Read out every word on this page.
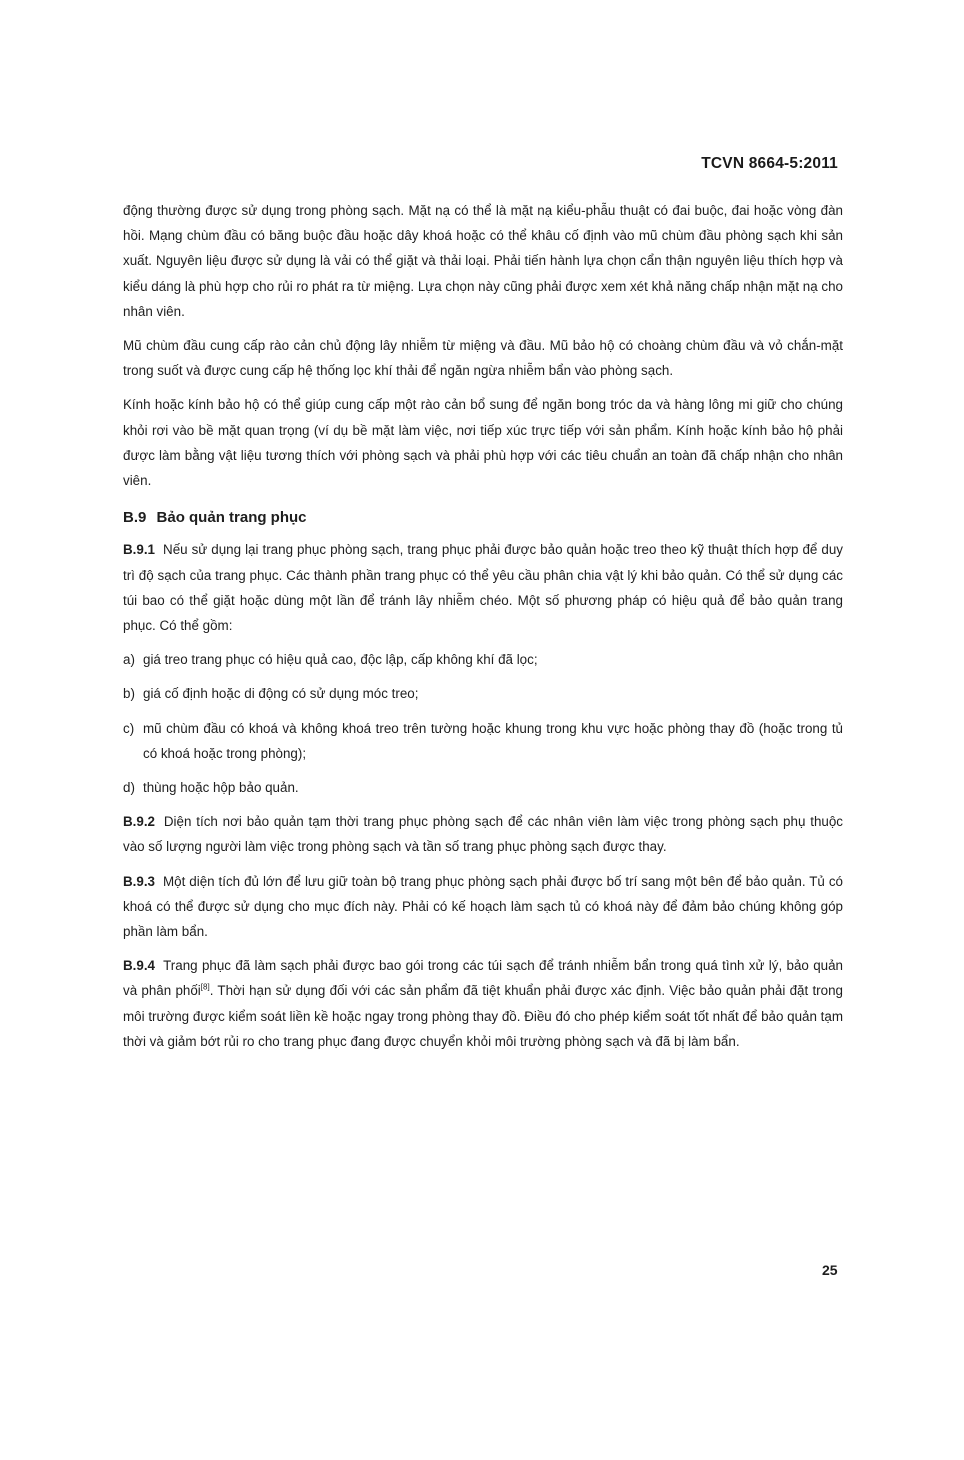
TCVN 8664-5:2011

động thường được sử dụng trong phòng sạch. Mặt nạ có thể là mặt nạ kiểu-phẫu thuật có đai buộc, đai hoặc vòng đàn hồi. Mạng chùm đầu có băng buộc đầu hoặc dây khoá hoặc có thể khâu cố định vào mũ chùm đầu phòng sạch khi sản xuất. Nguyên liệu được sử dụng là vải có thể giặt và thải loại. Phải tiến hành lựa chọn cẩn thận nguyên liệu thích hợp và kiểu dáng là phù hợp cho rủi ro phát ra từ miệng. Lựa chọn này cũng phải được xem xét khả năng chấp nhận mặt nạ cho nhân viên.

Mũ chùm đầu cung cấp rào cản chủ động lây nhiễm từ miệng và đầu. Mũ bảo hộ có choàng chùm đầu và vỏ chắn-mặt trong suốt và được cung cấp hệ thống lọc khí thải để ngăn ngừa nhiễm bẩn vào phòng sạch.

Kính hoặc kính bảo hộ có thể giúp cung cấp một rào cản bổ sung để ngăn bong tróc da và hàng lông mi giữ cho chúng khỏi rơi vào bề mặt quan trọng (ví dụ bề mặt làm việc, nơi tiếp xúc trực tiếp với sản phẩm. Kính hoặc kính bảo hộ phải được làm bằng vật liệu tương thích với phòng sạch và phải phù hợp với các tiêu chuẩn an toàn đã chấp nhận cho nhân viên.

B.9 Bảo quản trang phục

B.9.1 Nếu sử dụng lại trang phục phòng sạch, trang phục phải được bảo quản hoặc treo theo kỹ thuật thích hợp để duy trì độ sạch của trang phục. Các thành phần trang phục có thể yêu cầu phân chia vật lý khi bảo quản. Có thể sử dụng các túi bao có thể giặt hoặc dùng một lần để tránh lây nhiễm chéo. Một số phương pháp có hiệu quả để bảo quản trang phục. Có thể gồm:

a) giá treo trang phục có hiệu quả cao, độc lập, cấp không khí đã lọc;

b) giá cố định hoặc di động có sử dụng móc treo;

c) mũ chùm đầu có khoá và không khoá treo trên tường hoặc khung trong khu vực hoặc phòng thay đồ (hoặc trong tủ có khoá hoặc trong phòng);

d) thùng hoặc hộp bảo quản.

B.9.2 Diện tích nơi bảo quản tạm thời trang phục phòng sạch để các nhân viên làm việc trong phòng sạch phụ thuộc vào số lượng người làm việc trong phòng sạch và tần số trang phục phòng sạch được thay.

B.9.3 Một diện tích đủ lớn để lưu giữ toàn bộ trang phục phòng sạch phải được bố trí sang một bên để bảo quản. Tủ có khoá có thể được sử dụng cho mục đích này. Phải có kế hoạch làm sạch tủ có khoá này để đảm bảo chúng không góp phần làm bẩn.

B.9.4 Trang phục đã làm sạch phải được bao gói trong các túi sạch để tránh nhiễm bẩn trong quá tình xử lý, bảo quản và phân phối[8]. Thời hạn sử dụng đối với các sản phẩm đã tiệt khuẩn phải được xác định. Việc bảo quản phải đặt trong môi trường được kiểm soát liền kề hoặc ngay trong phòng thay đồ. Điều đó cho phép kiểm soát tốt nhất để bảo quản tạm thời và giảm bớt rủi ro cho trang phục đang được chuyển khỏi môi trường phòng sạch và đã bị làm bẩn.

25
